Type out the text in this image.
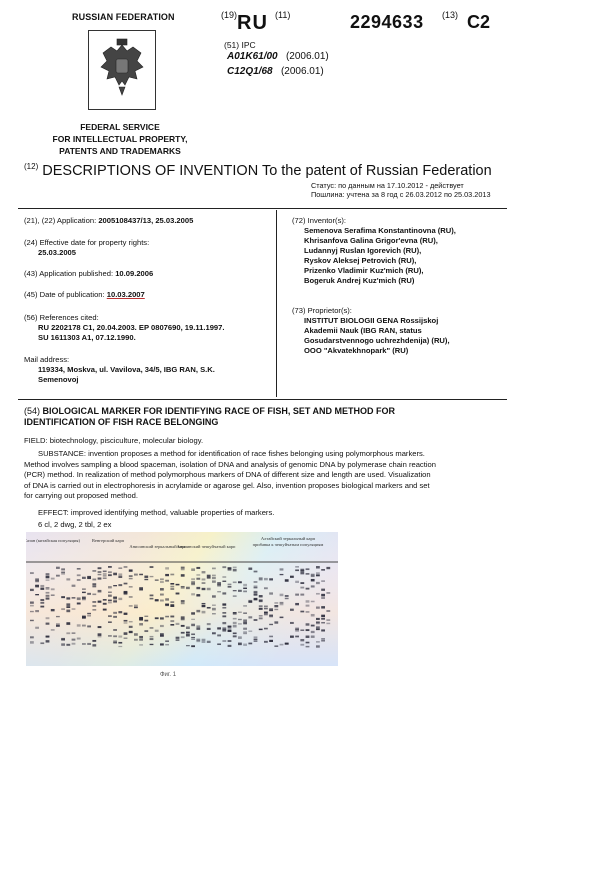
RUSSIAN FEDERATION
FEDERAL SERVICE
FOR INTELLECTUAL PROPERTY,
PATENTS AND TRADEMARKS
(19) RU (11)	2294633 (13) C2
(51) IPC
A01K61/00 (2006.01)
C12Q1/68 (2006.01)
$^{(12)}$ DESCRIPTIONS OF INVENTION To the patent of Russian Federation
Статус: по данным на 17.10.2012 - действует
Пошлина: учтена за 8 год с 26.03.2012 по 25.03.2013
(21), (22) Application: 2005108437/13, 25.03.2005
(24) Effective date for property rights:
25.03.2005
(43) Application published: 10.09.2006
(45) Date of publication: 10.03.2007
(56) References cited:
RU 2202178 C1, 20.04.2003. EP 0807690, 19.11.1997.
SU 1611303 A1, 07.12.1990.
Mail address:
119334, Moskva, ul. Vavilova, 34/5, IBG RAN, S.K.
Semenovoj
(72) Inventor(s):
Semenova Serafima Konstantinovna (RU),
Khrisanfova Galina Grigor'evna (RU),
Ludannyj Ruslan Igorevich (RU),
Ryskov Aleksej Petrovich (RU),
Prizenko Vladimir Kuz'mich (RU),
Bogeruk Andrej Kuz'mich (RU)
(73) Proprietor(s):
INSTITUT BIOLOGII GENA Rossijskoj
Akademii Nauk (IBG RAN, status
Gosudarstvennogo uchrezhdenija) (RU),
OOO "Akvatekhnopark" (RU)
(54) BIOLOGICAL MARKER FOR IDENTIFYING RACE OF FISH, SET AND METHOD FOR
IDENTIFICATION OF FISH RACE BELONGING
FIELD: biotechnology, pisciculture, molecular biology.
SUBSTANCE: invention proposes a method for identification of race fishes belonging using polymorphous markers.
Method involves sampling a blood spaceman, isolation of DNA and analysis of genomic DNA by polymerase chain reaction
(PCR) method. In realization of method polymorphous markers of DNA of different size and length are used. Visualization
of DNA is carried out in electrophoresis in acrylamide or agarose gel. Also, invention proposes biological markers and set
for carrying out proposed method.
EFFECT: improved identifying method, valuable properties of markers.
6 cl, 2 dwg, 2 tbl, 2 ex
Сазан (китайская популяция)	Венгерский карп
Анисинский зеркальный карп
Анисинский чешуйчатый карп
Алтайский зеркальный карп
прибавка к чешуйчатым популяциям
Фиг. 1
